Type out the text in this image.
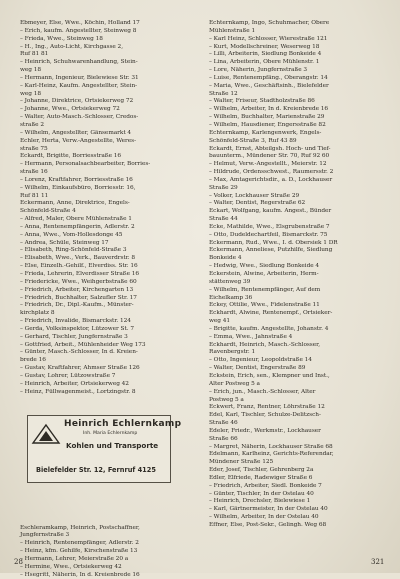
Ebmeyer, Else, Wwe., Köchin, Holland 17
– Erich, kaufm. Angestellter, Steinweg 8
– Frieda, Wwe., Steinweg 18
– H., Ing., Auto-Licht, Kirchgasse 2,
Ruf 81 81
– Heinrich, Schuhwarenhandlung, Stein-
weg 18
– Hermann, Ingenieur, Bielewiese Str. 31
– Karl-Heinz, Kaufm. Angestellter, Stein-
weg 18
– Johanne, Direktrice, Ortsiekerweg 72
– Johanne, Wwe., Ortsiekerweg 72
– Walter, Auto-Masch.-Schlosser, Credos-
straße 2
– Wilhelm, Angestellter, Gänsemarkt 4
Echler, Herta, Verw.-Angestellte, Weres-
straße 75
Eckardt, Brigitte, Borriesstraße 16
– Hermann, Personalsachbearbeiter, Borries-
straße 16
– Lorenz, Kraftfahrer, Borriesstraße 16
– Wilhelm, Einkaufsbüro, Borriesstr. 16,
Ruf 81 11
Eckermann, Anne, Direktrice, Engels-
Schönfeld-Straße 4
– Alfred, Maler, Obere Mühlenstraße 1
– Anna, Rentenempfängerin, Adlerstr. 2
– Anna, Wwe., Vom-Hollesdonge 45
– Andrea, Schüle, Steinweg 17
– Elisabeth, Ring-Schönfeld-Straße 3
– Elisabeth, Wwe., Verk., Bauverdrstr. 8
– Else, Einzelh.-Gehilf., Elverdiss. Str. 16
– Frieda, Lehrerin, Elverdisser Straße 16
– Friedericke, Wwe., Weihgerbstraße 60
– Friedrich, Arbeiter, Kirchengarten 13
– Friedrich, Buchhalter, Salzufler Str. 17
– Friedrich, Dr., Dipl.-Kaufm., Münster-
kirchplatz 8
– Friedrich, Invalide, Bismarckstr. 124
– Gerda, Volksinspektor, Lützower St. 7
– Gerhard, Tischler, Jungfernstraße 3
– Gottfried, Arbeit., Mühlenheider Weg 173
– Günter, Masch.-Schlosser, In d. Kreien-
brede 16
– Gustav, Kraftfahrer, Ahmser Straße 126
– Gustav, Lohrer, Lützowstraße 7
– Heinrich, Arbeiter, Ortsiekerweg 42
– Heinz, Füllwagenmeist., Lortzingstr. 8
Eschleramkamp, Heinrich, Postschaffner,
Jungfernstraße 3
– Heinrich, Rentenempfänger, Adlerstr. 2
– Heinz, kfm. Gehilfe, Kirschenstraße 13
– Hermann, Lehrer, Meierstraße 20 a
– Hermine, Wwe., Ortsiekerweg 42
– Hsegritt, Näherin, In d. Kreienbrede 16
Heinrich Echlernkamp
Inh. Maria Echlernkamp
Kohlen und Transporte
Bielefelder Str. 12, Fernruf 4125
Echternkamp, Ingo, Schuhmacher, Obere
Mühlenstraße 1
– Karl Heinz, Schlosser, Wierestraße 121
– Kurt, Modellschreiner, Weserweg 18
– Lilli, Arbeiterin, Siedlung Bonkeide 4
– Lina, Arbeiterin, Obere Mühlenstr. 1
– Lore, Näherin, Jungfernstraße 3
– Luise, Rentenempfäng., Oberangstr. 14
– Maria, Wwe., Geschäftsinh., Bielefelder
Straße 12
– Walter, Friseur, Stadtholzstraße 86
– Wilhelm, Arbeiter, In d. Kreienbrede 16
– Wilhelm, Buchhalter, Marienstraße 29
– Wilhelm, Hausdiener, Engersstraße 82
Echternkamp, Karlengenwerk, Engels-
Schönfeld-Straße 3, Ruf 43 89
Eckardt, Ernst, Abteilgsh. Hoch- und Tief-
bauunterm., Mündener Str. 70, Ruf 92 60
– Helmut, Verw.-Angestellt., Meierstr. 12
– Hildrude, Ordensschwest., Raumersstr. 2
– Max, Amtagerichtsdir., a. D., Lockhauser
Straße 29
– Volker, Lockhauser Straße 29
– Walter, Dentist, Regerstraße 62
Eckart, Wolfgang, kaufm. Angest., Bünder
Straße 44
Ecke, Mathilde, Wwe., Elsgrubenstraße 7
– Otto, Dudeldechartfeil, Bismarckstr. 75
Eckermann, Rud., Wwe., I. d. Obersiek 1 DR
Eckermann, Anneliese, Putzhilfe, Siedlung
Bonkeide 4
– Hedwig, Wwe., Siedlung Bonkeide 4
Eckerstein, Alwine, Arbeiterin, Herm-
stättenweg 39
– Wilhelm, Rentenempfänger, Auf dem
Eichelkamp 36
Eckey, Ottilie, Wwe., Fidelenstraße 11
Eckhardt, Alwine, Rentenempf., Ortsieker-
weg 41
– Brigitte, kaufm. Angestellte, Johanstr. 4
– Emma, Wwe., Jahnstraße 4
Eckhardt, Heinrich, Masch.-Schlosser,
Ravenbergstr. 1
– Otto, Ingenieur, Leopoldstraße 14
– Walter, Dentist, Engerstraße 89
Eckstein, Erich, sen., Klempner und Inst.,
Alter Postweg 5 a
– Erich, jun., Masch.-Schlosser, Alter
Postweg 5 a
Eckwert, Franz, Rentner, Löhrstraße 12
Edel, Karl, Tischler, Schulze-Delitzsch-
Straße 46
Edeler, Friedr., Werkmstr., Lockhauser
Straße 66
– Margret, Näherin, Lockhauser Straße 68
Edelmann, Karlheinz, Gerichts-Referendar,
Mündener Straße 125
Eder, Josef, Tischler, Gehrenberg 2a
Edler, Elfriede, Radewiger Straße 6
– Friedrich, Arbeiter, Siedl. Bonkeide 7
– Günter, Tischler, In der Ostelau 40
– Heinrich, Drechsler, Bielewiese 1
– Karl, Gärtnermeister, In der Ostelau 40
– Wilhelm, Arbeiter, In der Ostelau 40
Effner, Else, Post-Sekr., Gelingh. Weg 68
28	321
